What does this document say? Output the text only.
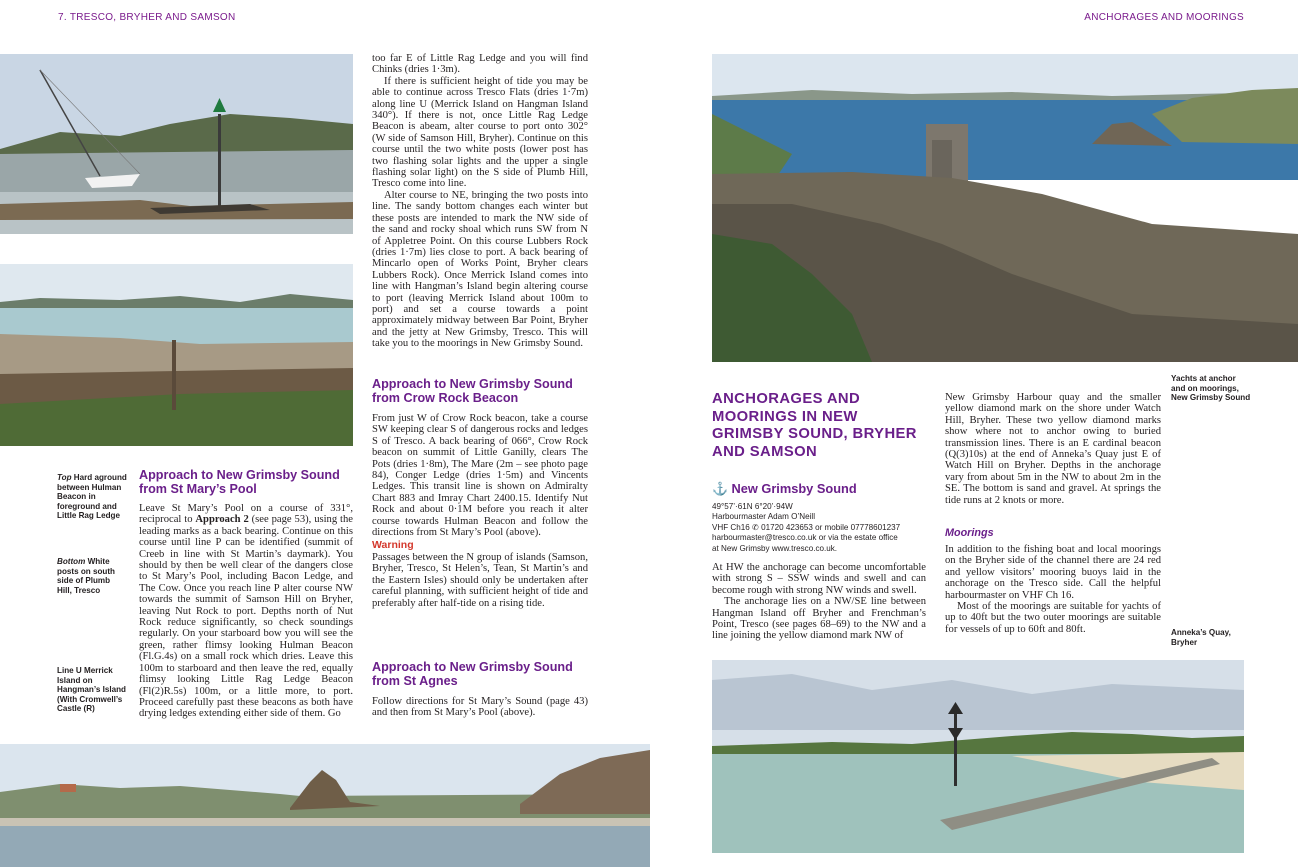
7. TRESCO, BRYHER AND SAMSON	ANCHORAGES AND MOORINGS
Top Hard aground between Hulman Beacon in foreground and Little Rag Ledge
Bottom White posts on south side of Plumb Hill, Tresco
Line U Merrick Island on Hangman’s Island (With Cromwell’s Castle (R)
Approach to New Grimsby Sound from St Mary’s Pool

Leave St Mary’s Pool on a course of 331°, reciprocal to Approach 2 (see page 53), using the leading marks as a back bearing. Continue on this course until line P can be identified (summit of Creeb in line with St Martin’s daymark). You should by then be well clear of the dangers close to St Mary’s Pool, including Bacon Ledge, and The Cow. Once you reach line P alter course NW towards the summit of Samson Hill on Bryher, leaving Nut Rock to port. Depths north of Nut Rock reduce significantly, so check soundings regularly. On your starboard bow you will see the green, rather flimsy looking Hulman Beacon (Fl.G.4s) on a small rock which dries. Leave this 100m to starboard and then leave the red, equally flimsy looking Little Rag Ledge Beacon (Fl(2)R.5s) 100m, or a little more, to port. Proceed carefully past these beacons as both have drying ledges extending either side of them. Go

too far E of Little Rag Ledge and you will find Chinks (dries 1·3m).

If there is sufficient height of tide you may be able to continue across Tresco Flats (dries 1·7m) along line U (Merrick Island on Hangman Island 340°). If there is not, once Little Rag Ledge Beacon is abeam, alter course to port onto 302° (W side of Samson Hill, Bryher). Continue on this course until the two white posts (lower post has two flashing solar lights and the upper a single flashing solar light) on the S side of Plumb Hill, Tresco come into line.

Alter course to NE, bringing the two posts into line. The sandy bottom changes each winter but these posts are intended to mark the NW side of the sand and rocky shoal which runs SW from N of Appletree Point. On this course Lubbers Rock (dries 1·7m) lies close to port. A back bearing of Mincarlo open of Works Point, Bryher clears Lubbers Rock). Once Merrick Island comes into line with Hangman’s Island begin altering course to port (leaving Merrick Island about 100m to port) and set a course towards a point approximately midway between Bar Point, Bryher and the jetty at New Grimsby, Tresco. This will take you to the moorings in New Grimsby Sound.

Approach to New Grimsby Sound from Crow Rock Beacon

From just W of Crow Rock beacon, take a course SW keeping clear S of dangerous rocks and ledges S of Tresco. A back bearing of 066°, Crow Rock beacon on summit of Little Ganilly, clears The Pots (dries 1·8m), The Mare (2m – see photo page 84), Conger Ledge (dries 1·5m) and Vincents Ledges. This transit line is shown on Admiralty Chart 883 and Imray Chart 2400.15. Identify Nut Rock and about 0·1M before you reach it alter course towards Hulman Beacon and follow the directions from St Mary’s Pool (above).

Warning

Passages between the N group of islands (Samson, Bryher, Tresco, St Helen’s, Tean, St Martin’s and the Eastern Isles) should only be undertaken after careful planning, with sufficient height of tide and preferably after half-tide on a rising tide.

Approach to New Grimsby Sound from St Agnes

Follow directions for St Mary’s Sound (page 43) and then from St Mary’s Pool (above).

Yachts at anchor and on moorings, New Grimsby Sound
Anneka’s Quay, Bryher
ANCHORAGES AND MOORINGS IN NEW GRIMSBY SOUND, BRYHER AND SAMSON
⚓ New Grimsby Sound
49°57’·61N 6°20’·94W
Harbourmaster Adam O’Neill
VHF Ch16 ✆ 01720 423653 or mobile 07778601237
harbourmaster@tresco.co.uk or via the estate office
at New Grimsby www.tresco.co.uk.

At HW the anchorage can become uncomfortable with strong S – SSW winds and swell and can become rough with strong NW winds and swell.

The anchorage lies on a NW/SE line between Hangman Island off Bryher and Frenchman’s Point, Tresco (see pages 68–69) to the NW and a line joining the yellow diamond mark NW of

New Grimsby Harbour quay and the smaller yellow diamond mark on the shore under Watch Hill, Bryher. These two yellow diamond marks show where not to anchor owing to buried transmission lines. There is an E cardinal beacon (Q(3)10s) at the end of Anneka’s Quay just E of Watch Hill on Bryher. Depths in the anchorage vary from about 5m in the NW to about 2m in the SE. The bottom is sand and gravel. At springs the tide runs at 2 knots or more.

Moorings

In addition to the fishing boat and local moorings on the Bryher side of the channel there are 24 red and yellow visitors’ mooring buoys laid in the anchorage on the Tresco side. Call the helpful harbourmaster on VHF Ch 16.

Most of the moorings are suitable for yachts of up to 40ft but the two outer moorings are suitable for vessels of up to 60ft and 80ft.
